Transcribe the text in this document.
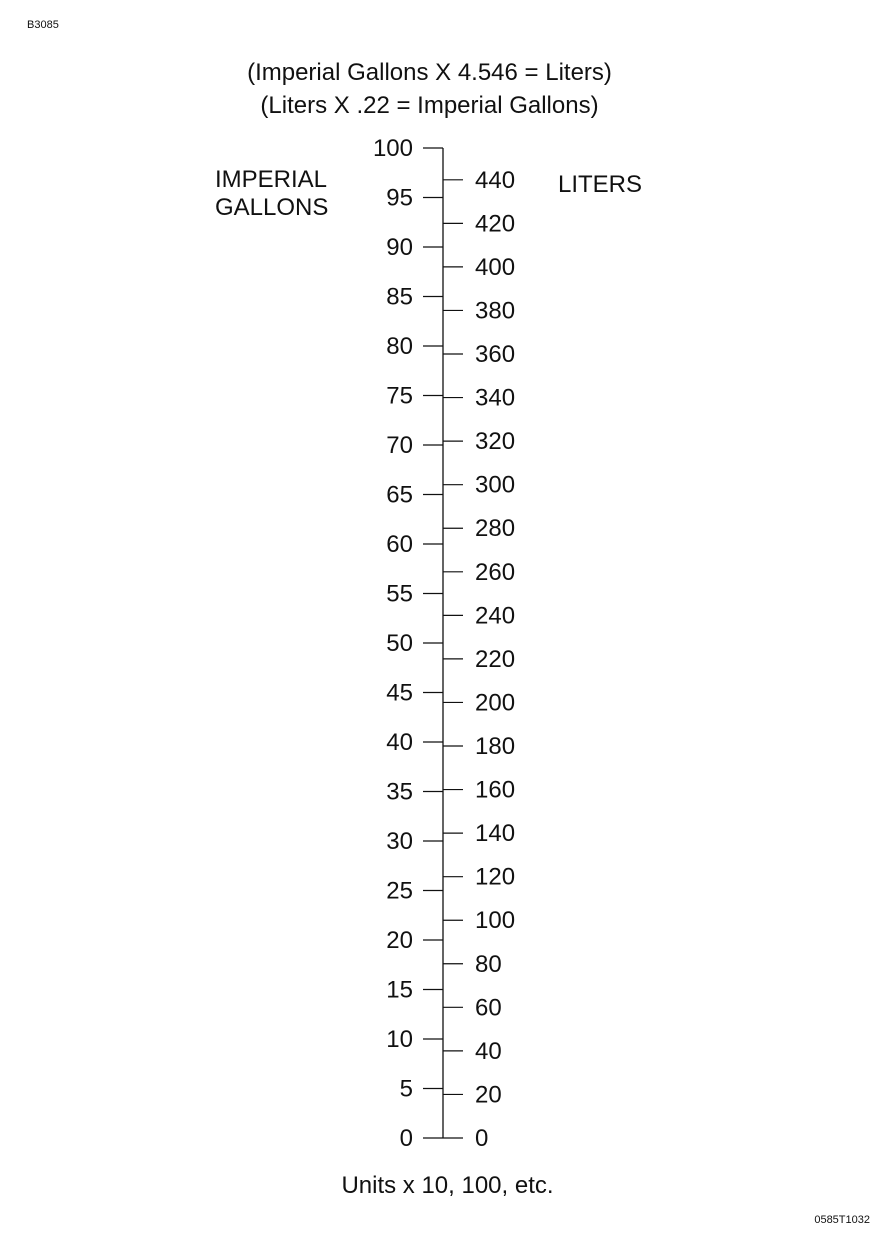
B3085
(Imperial Gallons X 4.546 = Liters)
(Liters X .22 = Imperial Gallons)
IMPERIAL
GALLONS
LITERS
0
5
10
15
20
25
30
35
40
45
50
55
60
65
70
75
80
85
90
95
100
0
20
40
60
80
100
120
140
160
180
200
220
240
260
280
300
320
340
360
380
400
420
440
Units x 10, 100, etc.
0585T1032
